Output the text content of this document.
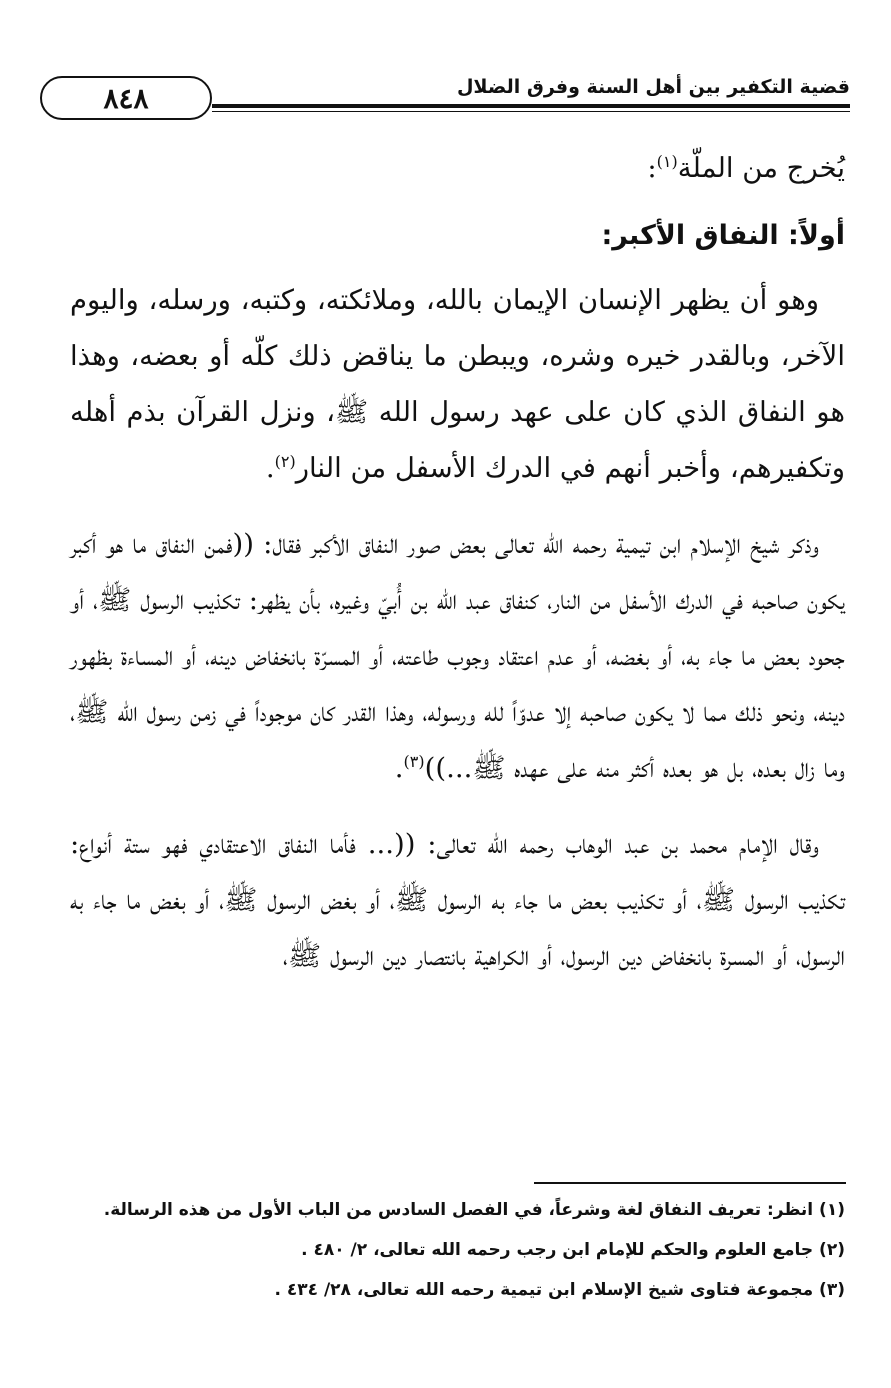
٨٤٨	قضية التكفير بين أهل السنة وفرق الضلال

يُخرج من الملّة$^{(١)}$:

أولاً: النفاق الأكبر:

وهو أن يظهر الإنسان الإيمان بالله، وملائكته، وكتبه، ورسله، واليوم الآخر، وبالقدر خيره وشره، ويبطن ما يناقض ذلك كلّه أو بعضه، وهذا هو النفاق الذي كان على عهد رسول الله ﷺ، ونزل القرآن بذم أهله وتكفيرهم، وأخبر أنهم في الدرك الأسفل من النار$^{(٢)}$.

وذكر شيخ الإسلام ابن تيمية رحمه الله تعالى بعض صور النفاق الأكبر فقال: ((فمن النفاق ما هو أكبر يكون صاحبه في الدرك الأسفل من النار، كنفاق عبد الله بن أُبيّ وغيره، بأن يظهر: تكذيب الرسول ﷺ، أو جحود بعض ما جاء به، أو بغضه، أو عدم اعتقاد وجوب طاعته، أو المسرّة بانخفاض دينه، أو المساءة بظهور دينه، ونحو ذلك مما لا يكون صاحبه إلا عدوّاً لله ورسوله، وهذا القدر كان موجوداً في زمن رسول الله ﷺ، وما زال بعده، بل هو بعده أكثر منه على عهده ﷺ...))$^{(٣)}$.

وقال الإمام محمد بن عبد الوهاب رحمه الله تعالى: ((... فأما النفاق الاعتقادي فهو ستة أنواع: تكذيب الرسول ﷺ، أو تكذيب بعض ما جاء به الرسول ﷺ، أو بغض الرسول ﷺ، أو بغض ما جاء به الرسول، أو المسرة بانخفاض دين الرسول، أو الكراهية بانتصار دين الرسول ﷺ،

(١) انظر: تعريف النفاق لغة وشرعاً، في الفصل السادس من الباب الأول من هذه الرسالة.

(٢) جامع العلوم والحكم للإمام ابن رجب رحمه الله تعالى، ٢/ ٤٨٠ .

(٣) مجموعة فتاوى شيخ الإسلام ابن تيمية رحمه الله تعالى، ٢٨/ ٤٣٤ .
